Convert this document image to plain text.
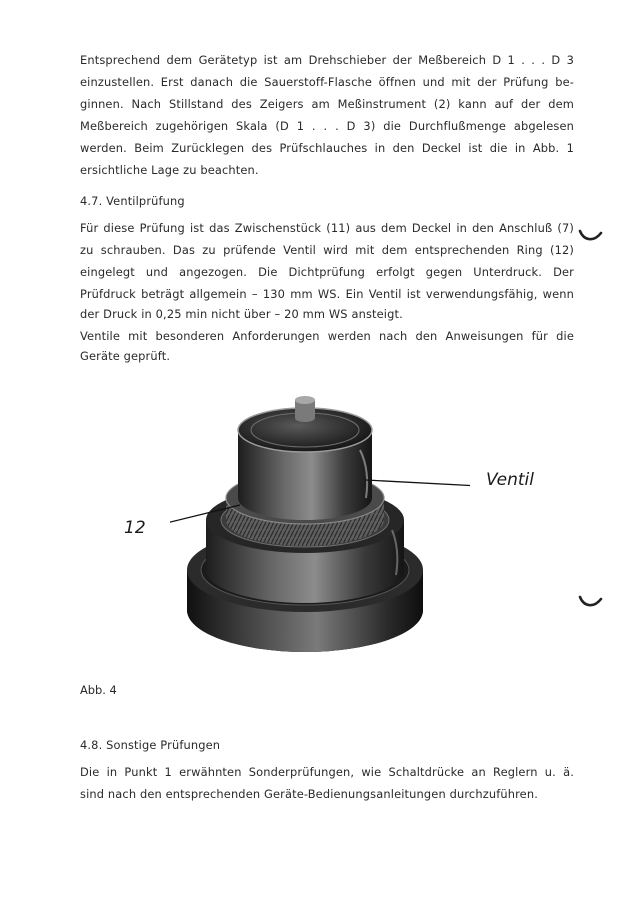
Entsprechend dem Gerätetyp ist am Drehschieber der Meßbereich D 1 . . . D 3
einzustellen. Erst danach die Sauerstoff-Flasche öffnen und mit der Prüfung be-
ginnen. Nach Stillstand des Zeigers am Meßinstrument (2) kann auf der dem
Meßbereich zugehörigen Skala (D 1 . . . D 3) die Durchflußmenge abgelesen
werden. Beim Zurücklegen des Prüfschlauches in den Deckel ist die in Abb. 1
ersichtliche Lage zu beachten.
4.7. Ventilprüfung
Für diese Prüfung ist das Zwischenstück (11) aus dem Deckel in den Anschluß (7)
zu schrauben. Das zu prüfende Ventil wird mit dem entsprechenden Ring (12)
eingelegt und angezogen. Die Dichtprüfung erfolgt gegen Unterdruck. Der
Prüfdruck beträgt allgemein – 130 mm WS. Ein Ventil ist verwendungsfähig, wenn
der Druck in 0,25 min nicht über – 20 mm WS ansteigt.
Ventile mit besonderen Anforderungen werden nach den Anweisungen für die
Geräte geprüft.
Ventil
12
Abb. 4
4.8. Sonstige Prüfungen
Die in Punkt 1 erwähnten Sonderprüfungen, wie Schaltdrücke an Reglern u. ä.
sind nach den entsprechenden Geräte-Bedienungsanleitungen durchzuführen.
